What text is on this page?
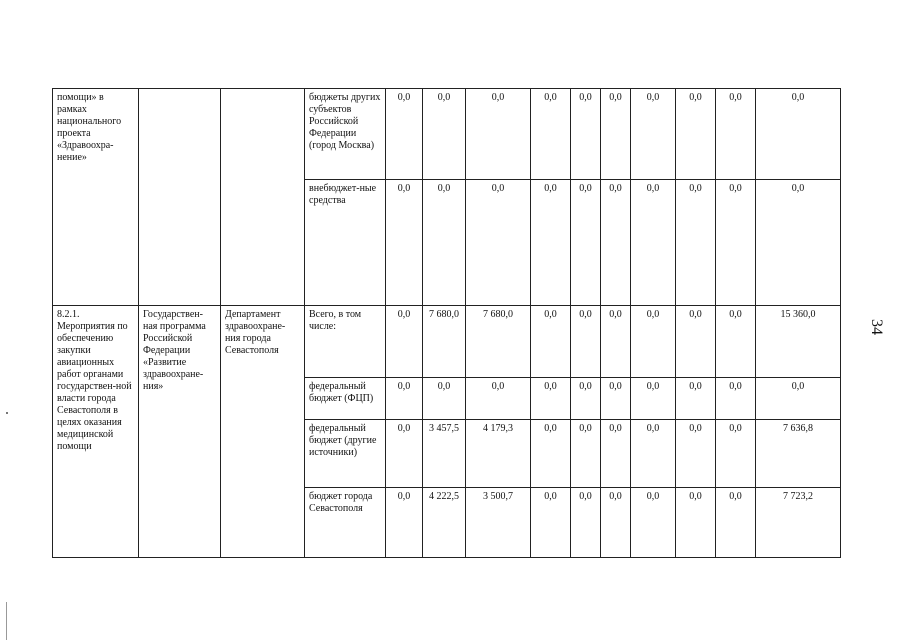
помощи» в рамках национального проекта «Здравоохра-нение»			бюджеты других субъектов Российской Федерации (город Москва)	0,0	0,0	0,0	0,0	0,0	0,0	0,0	0,0	0,0	0,0
			внебюджет-ные средства	0,0	0,0	0,0	0,0	0,0	0,0	0,0	0,0	0,0	0,0
8.2.1. Мероприятия по обеспечению закупки авиационных работ органами государствен-ной власти города Севастополя в целях оказания медицинской помощи	Государствен-ная программа Российской Федерации «Развитие здравоохране-ния»	Департамент здравоохране-ния города Севастополя	Всего, в том числе:	0,0	7 680,0	7 680,0	0,0	0,0	0,0	0,0	0,0	0,0	15 360,0
			федеральный бюджет (ФЦП)	0,0	0,0	0,0	0,0	0,0	0,0	0,0	0,0	0,0	0,0
			федеральный бюджет (другие источники)	0,0	3 457,5	4 179,3	0,0	0,0	0,0	0,0	0,0	0,0	7 636,8
			бюджет города Севастополя	0,0	4 222,5	3 500,7	0,0	0,0	0,0	0,0	0,0	0,0	7 723,2
34
